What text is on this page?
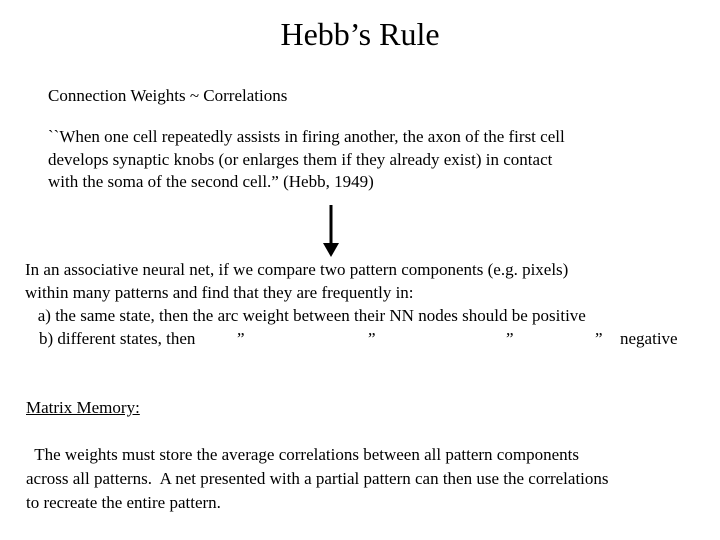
Hebb’s Rule

Connection Weights ~ Correlations

``When one cell repeatedly assists in firing another, the axon of the first cell
develops synaptic knobs (or enlarges them if they already exist) in contact
with the soma of the second cell.” (Hebb, 1949)

In an associative neural net, if we compare two pattern components (e.g. pixels)
within many patterns and find that they are frequently in:
a) the same state, then the arc weight between their NN nodes should be positive
b) different states, then ”	”	”	” negative

Matrix Memory:

The weights must store the average correlations between all pattern components
across all patterns.  A net presented with a partial pattern can then use the correlations
to recreate the entire pattern.
